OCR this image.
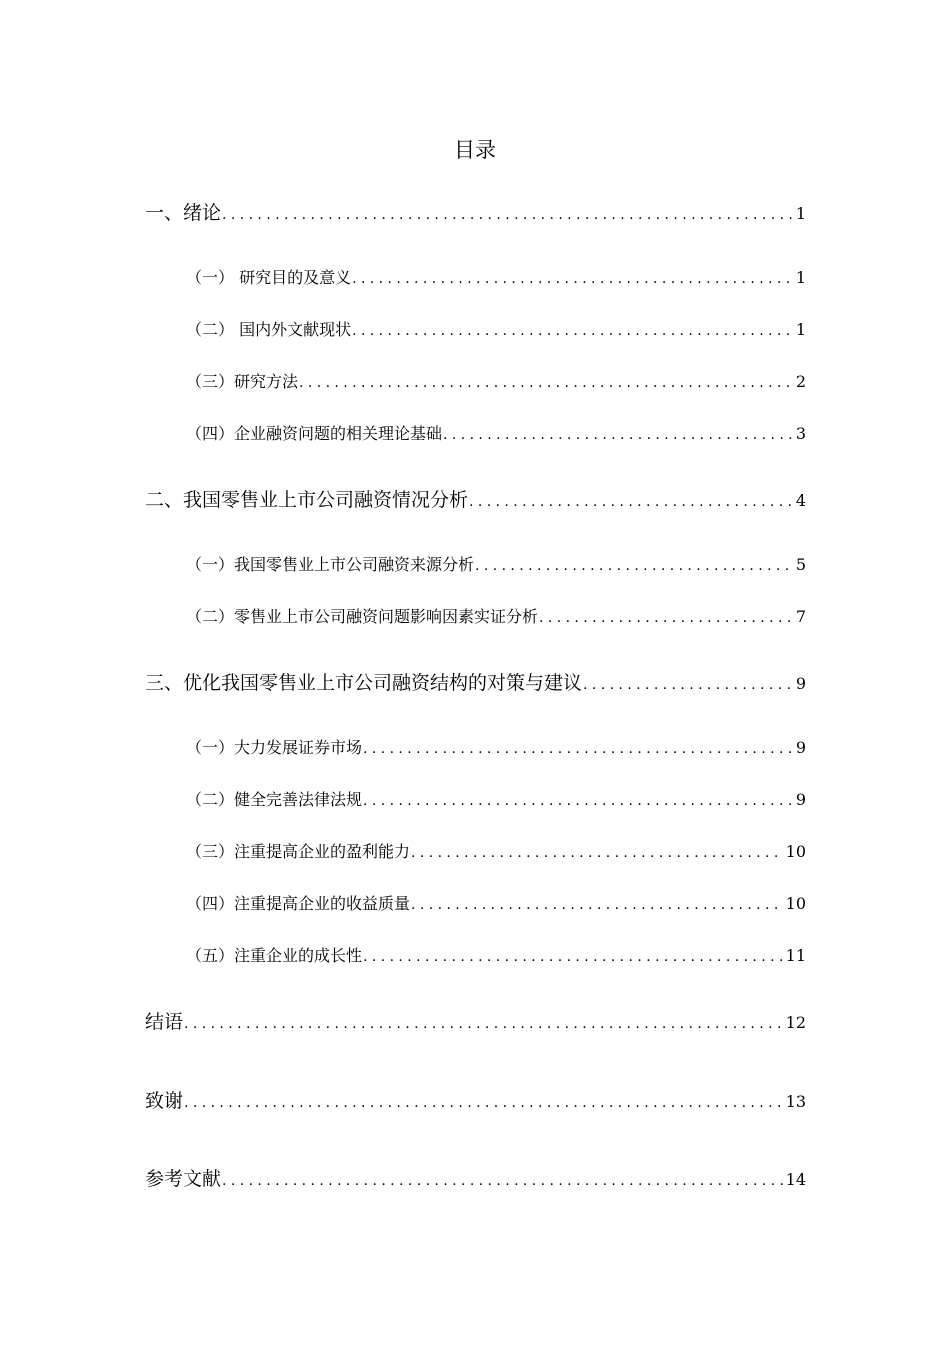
目录
一、绪论 .....	1
（一） 研究目的及意义 .....	1
（二） 国内外文献现状 .....	1
（三）研究方法 .....	2
（四）企业融资问题的相关理论基础 .....	3
二、我国零售业上市公司融资情况分析 .....	4
（一）我国零售业上市公司融资来源分析 .....	5
（二）零售业上市公司融资问题影响因素实证分析 .....	7
三、优化我国零售业上市公司融资结构的对策与建议 .....	9
（一）大力发展证券市场 .....	9
（二）健全完善法律法规 .....	9
（三）注重提高企业的盈利能力 .....	10
（四）注重提高企业的收益质量 .....	10
（五）注重企业的成长性 .....	11
结语 .....	12
致谢 .....	13
参考文献 .....	14
